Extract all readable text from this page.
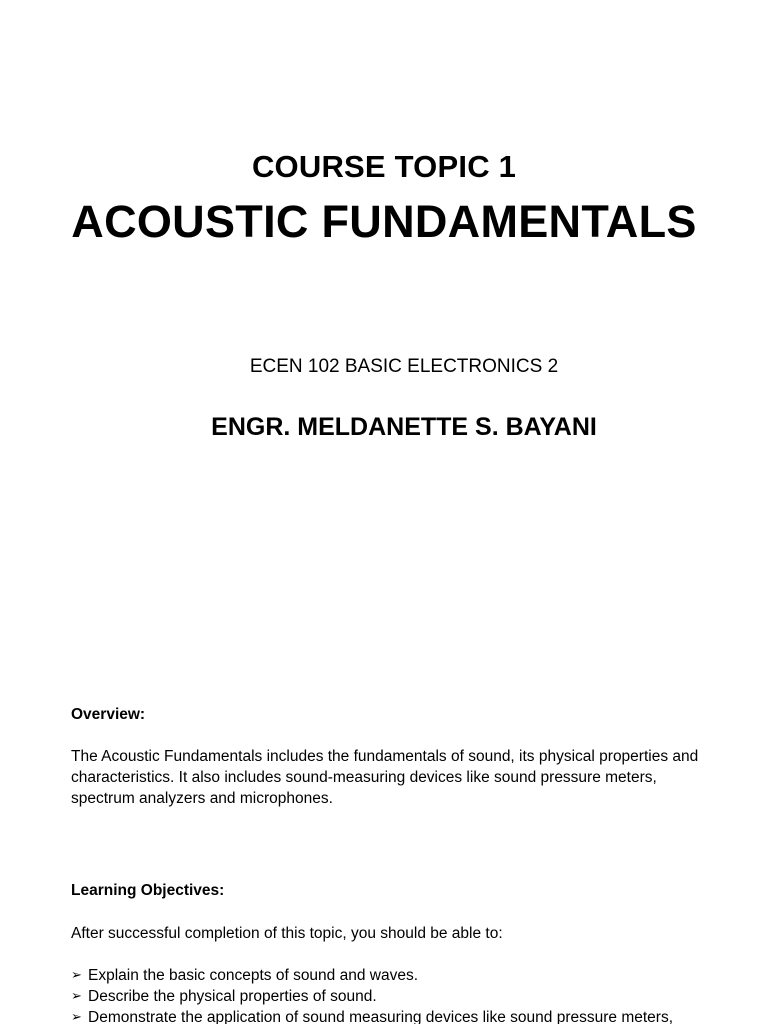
COURSE TOPIC 1
ACOUSTIC FUNDAMENTALS
ECEN 102 BASIC ELECTRONICS 2
ENGR. MELDANETTE S. BAYANI
Overview:
The Acoustic Fundamentals includes the fundamentals of sound, its physical properties and characteristics. It also includes sound-measuring devices like sound pressure meters, spectrum analyzers and microphones.
Learning Objectives:
After successful completion of this topic, you should be able to:
➢ Explain the basic concepts of sound and waves.
➢ Describe the physical properties of sound.
➢ Demonstrate the application of sound measuring devices like sound pressure meters,
